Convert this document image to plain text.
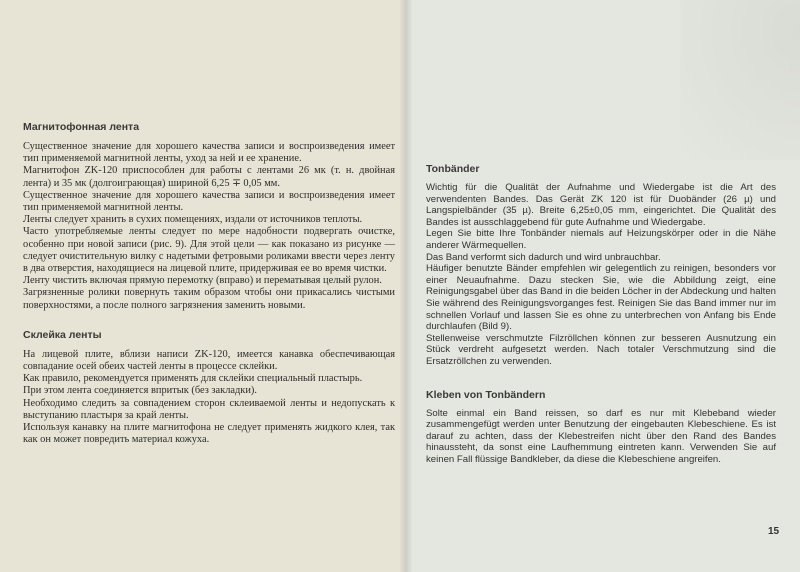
Магнитофонная лента

Существенное значение для хорошего качества записи и воспроизведения имеет тип применяемой магнитной ленты, уход за ней и ее хранение.

Магнитофон ZK-120 приспособлен для работы с лентами 26 мк (т. н. двойная лента) и 35 мк (долгоиграющая) шириной 6,25 ∓ 0,05 мм.

Существенное значение для хорошего качества записи и воспроизведения имеет тип применяемой магнитной ленты.

Ленты следует хранить в сухих помещениях, издали от источников теплоты.

Часто употребляемые ленты следует по мере надобности подвергать очистке, особенно при новой записи (рис. 9). Для этой цели — как показано из рисунке — следует очистительную вилку с надетыми фетровыми роликами ввести через ленту в два отверстия, находящиеся на лицевой плите, придерживая ее во время чистки.

Ленту чистить включая прямую перемотку (вправо) и перематывая целый рулон.

Загрязненные ролики повернуть таким образом чтобы они прикасались чистыми поверхностями, а после полного загрязнения заменить новыми.

Склейка ленты

На лицевой плите, вблизи написи ZK-120, имеется канавка обеспечивающая совпадание осей обеих частей ленты в процессе склейки.

Как правило, рекомендуется применять для склейки специальный пластырь.

При этом лента соединяется впритык (без закладки).

Необходимо следить за совпадением сторон склеиваемой ленты и недопускать к выступанию пластыря за край ленты.

Используя канавку на плите магнитофона не следует применять жидкого клея, так как он может повредить материал кожуха.

Tonbänder

Wichtig für die Qualität der Aufnahme und Wiedergabe ist die Art des verwendenten Bandes. Das Gerät ZK 120 ist für Duobänder (26 µ) und Langspielbänder (35 µ). Breite 6,25±0,05 mm, eingerichtet. Die Qualität des Bandes ist ausschlaggebend für gute Aufnahme und Wiedergabe.

Legen Sie bitte Ihre Tonbänder niemals auf Heizungskörper oder in die Nähe anderer Wärmequellen.

Das Band verformt sich dadurch und wird unbrauchbar.

Häufiger benutzte Bänder empfehlen wir gelegentlich zu reinigen, besonders vor einer Neuaufnahme. Dazu stecken Sie, wie die Abbildung zeigt, eine Reinigungsgabel über das Band in die beiden Löcher in der Abdeckung und halten Sie während des Reinigungsvorganges fest. Reinigen Sie das Band immer nur im schnellen Vorlauf und lassen Sie es ohne zu unterbrechen von Anfang bis Ende durchlaufen (Bild 9).

Stellenweise verschmutzte Filzröllchen können zur besseren Ausnutzung ein Stück verdreht aufgesetzt werden. Nach totaler Verschmutzung sind die Ersatzröllchen zu verwenden.

Kleben von Tonbändern

Solte einmal ein Band reissen, so darf es nur mit Klebeband wieder zusammengefügt werden unter Benutzung der eingebauten Klebeschiene. Es ist darauf zu achten, dass der Klebestreifen nicht über den Rand des Bandes hinaussteht, da sonst eine Laufhemmung eintreten kann. Verwenden Sie auf keinen Fall flüssige Bandkleber, da diese die Klebeschiene angreifen.

15
